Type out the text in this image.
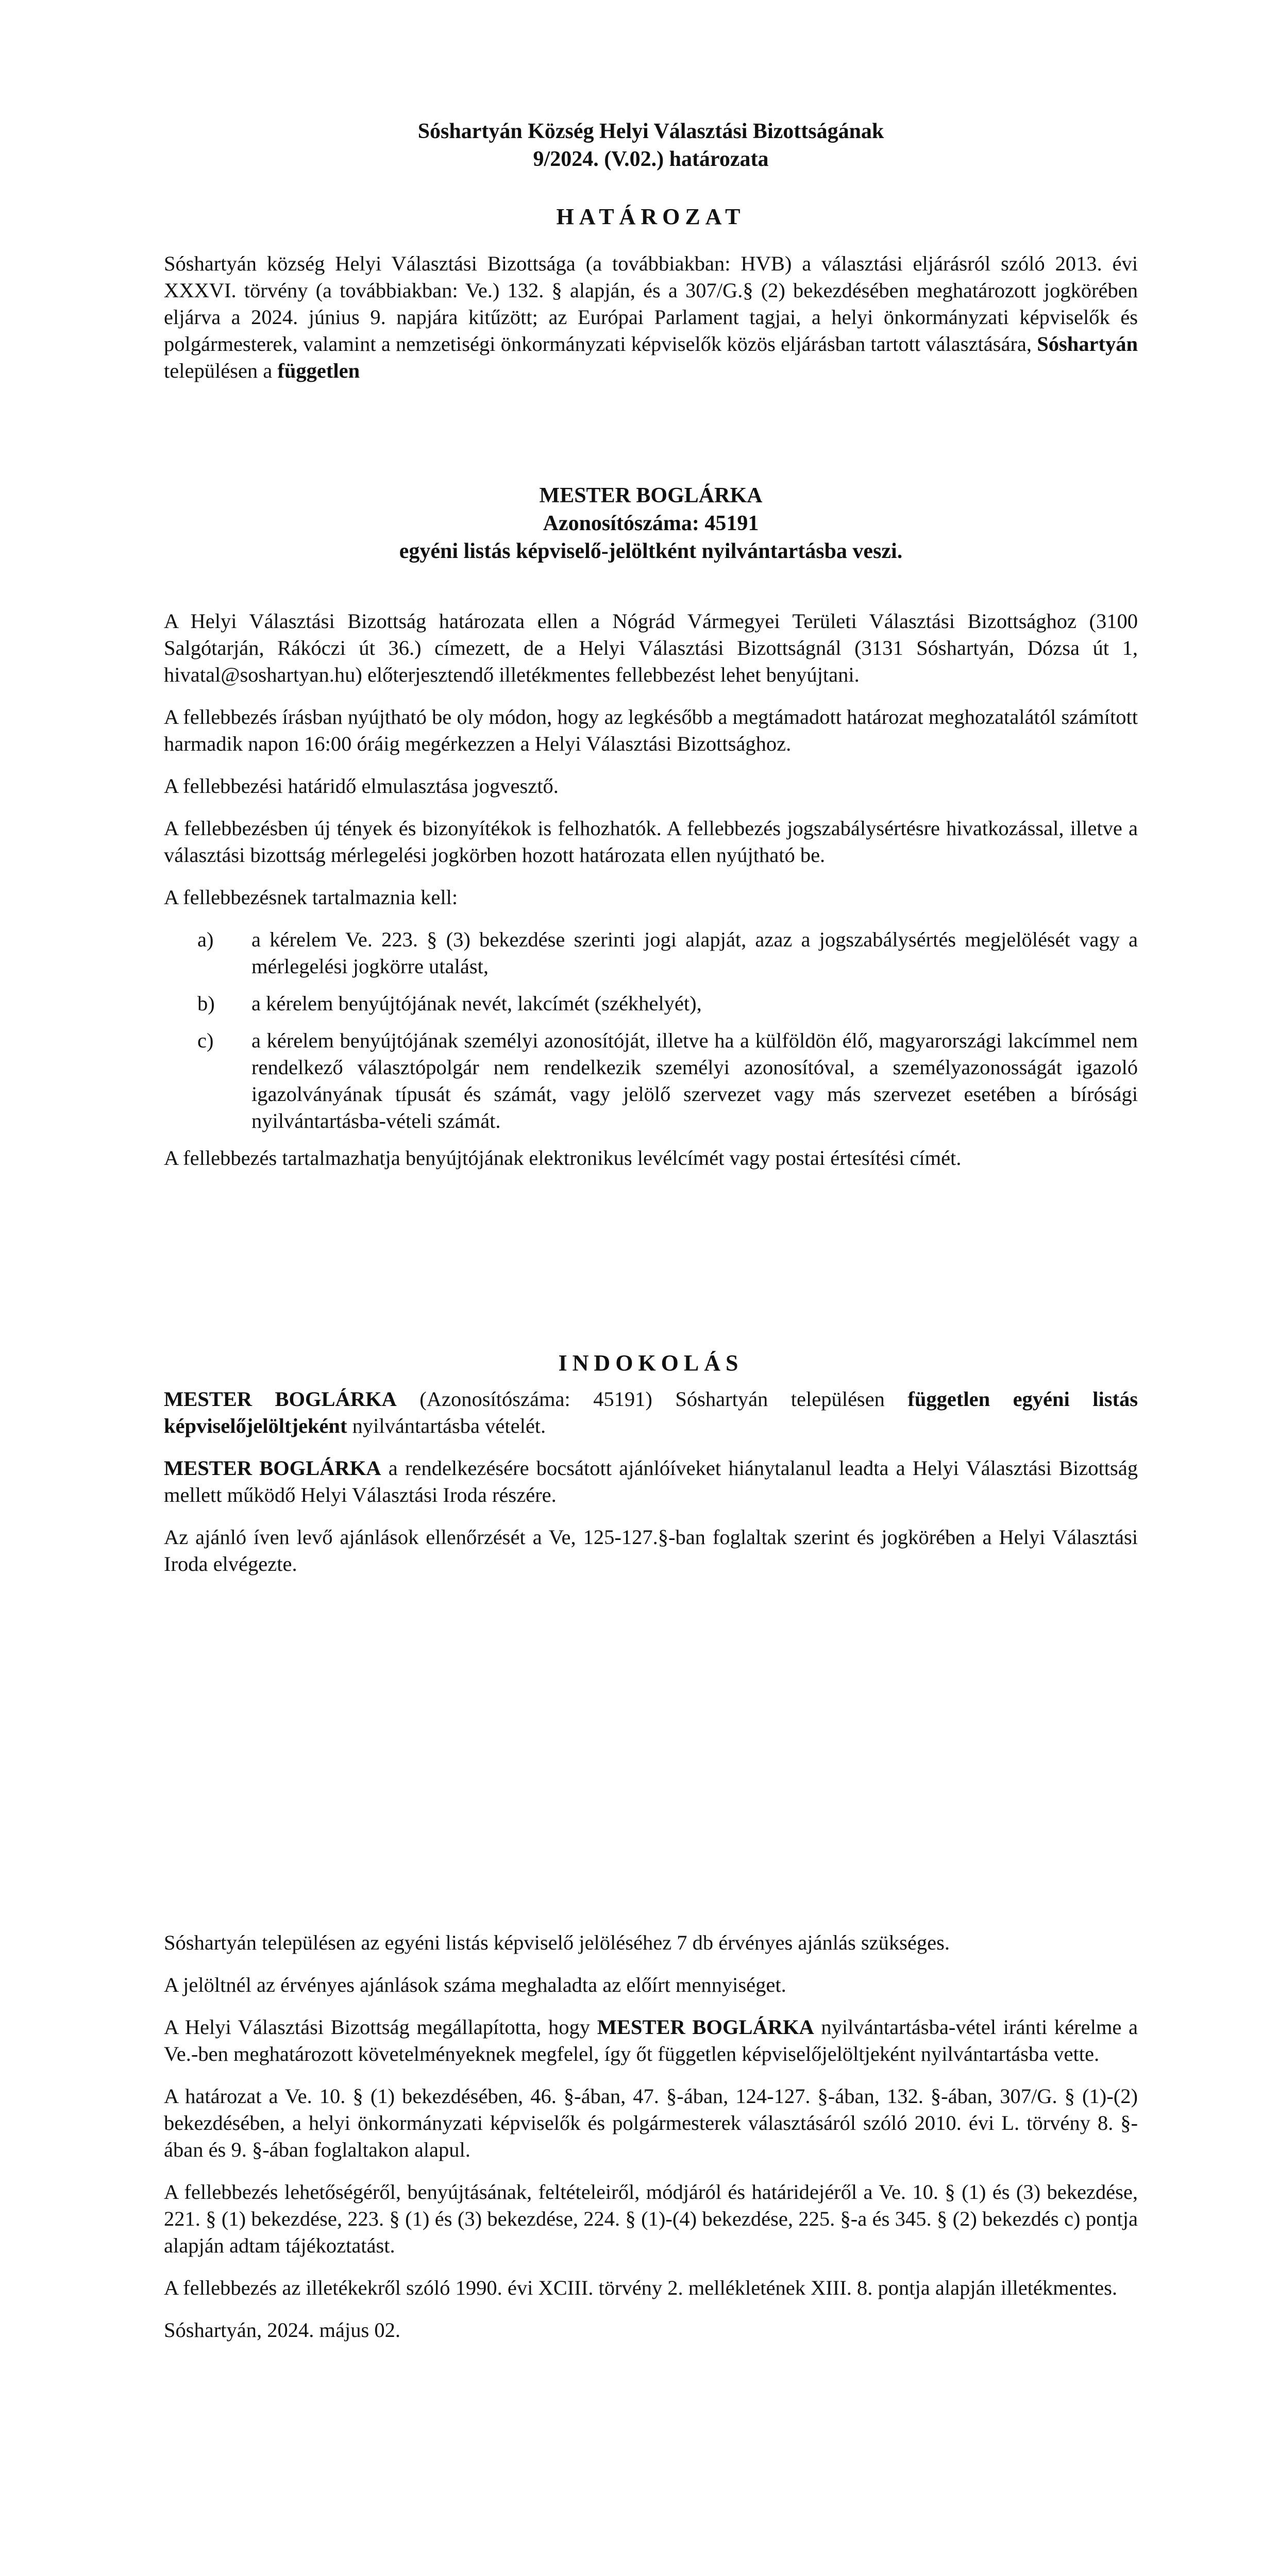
Sóshartyán Község Helyi Választási Bizottságának

9/2024. (V.02.) határozata

HATÁROZAT

Sóshartyán község Helyi Választási Bizottsága (a továbbiakban: HVB) a választási eljárásról szóló 2013. évi XXXVI. törvény (a továbbiakban: Ve.) 132. § alapján, és a 307/G.§ (2) bekezdésében meghatározott jogkörében eljárva a 2024. június 9. napjára kitűzött; az Európai Parlament tagjai, a helyi önkormányzati képviselők és polgármesterek, valamint a nemzetiségi önkormányzati képviselők közös eljárásban tartott választására, Sóshartyán településen a független

MESTER BOGLÁRKA

Azonosítószáma: 45191

egyéni listás képviselő-jelöltként nyilvántartásba veszi.

A Helyi Választási Bizottság határozata ellen a Nógrád Vármegyei Területi Választási Bizottsághoz (3100 Salgótarján, Rákóczi út 36.) címezett, de a Helyi Választási Bizottságnál (3131 Sóshartyán, Dózsa út 1, hivatal@soshartyan.hu) előterjesztendő illetékmentes fellebbezést lehet benyújtani.

A fellebbezés írásban nyújtható be oly módon, hogy az legkésőbb a megtámadott határozat meghozatalától számított harmadik napon 16:00 óráig megérkezzen a Helyi Választási Bizottsághoz.

A fellebbezési határidő elmulasztása jogvesztő.

A fellebbezésben új tények és bizonyítékok is felhozhatók. A fellebbezés jogszabálysértésre hivatkozással, illetve a választási bizottság mérlegelési jogkörben hozott határozata ellen nyújtható be.

A fellebbezésnek tartalmaznia kell:

a) a kérelem Ve. 223. § (3) bekezdése szerinti jogi alapját, azaz a jogszabálysértés megjelölését vagy a mérlegelési jogkörre utalást,
b) a kérelem benyújtójának nevét, lakcímét (székhelyét),
c) a kérelem benyújtójának személyi azonosítóját, illetve ha a külföldön élő, magyarországi lakcímmel nem rendelkező választópolgár nem rendelkezik személyi azonosítóval, a személyazonosságát igazoló igazolványának típusát és számát, vagy jelölő szervezet vagy más szervezet esetében a bírósági nyilvántartásba-vételi számát.

A fellebbezés tartalmazhatja benyújtójának elektronikus levélcímét vagy postai értesítési címét.

INDOKOLÁS

MESTER BOGLÁRKA (Azonosítószáma: 45191) Sóshartyán településen független egyéni listás képviselőjelöltjeként nyilvántartásba vételét.

MESTER BOGLÁRKA a rendelkezésére bocsátott ajánlóíveket hiánytalanul leadta a Helyi Választási Bizottság mellett működő Helyi Választási Iroda részére.

Az ajánló íven levő ajánlások ellenőrzését a Ve, 125-127.§-ban foglaltak szerint és jogkörében a Helyi Választási Iroda elvégezte.

Sóshartyán településen az egyéni listás képviselő jelöléséhez 7 db érvényes ajánlás szükséges.

A jelöltnél az érvényes ajánlások száma meghaladta az előírt mennyiséget.

A Helyi Választási Bizottság megállapította, hogy MESTER BOGLÁRKA nyilvántartásba-vétel iránti kérelme a Ve.-ben meghatározott követelményeknek megfelel, így őt független képviselőjelöltjeként nyilvántartásba vette.

A határozat a Ve. 10. § (1) bekezdésében, 46. §-ában, 47. §-ában, 124-127. §-ában, 132. §-ában, 307/G. § (1)-(2) bekezdésében, a helyi önkormányzati képviselők és polgármesterek választásáról szóló 2010. évi L. törvény 8. §-ában és 9. §-ában foglaltakon alapul.

A fellebbezés lehetőségéről, benyújtásának, feltételeiről, módjáról és határidejéről a Ve. 10. § (1) és (3) bekezdése, 221. § (1) bekezdése, 223. § (1) és (3) bekezdése, 224. § (1)-(4) bekezdése, 225. §-a és 345. § (2) bekezdés c) pontja alapján adtam tájékoztatást.

A fellebbezés az illetékekről szóló 1990. évi XCIII. törvény 2. mellékletének XIII. 8. pontja alapján illetékmentes.

Sóshartyán, 2024. május 02.
